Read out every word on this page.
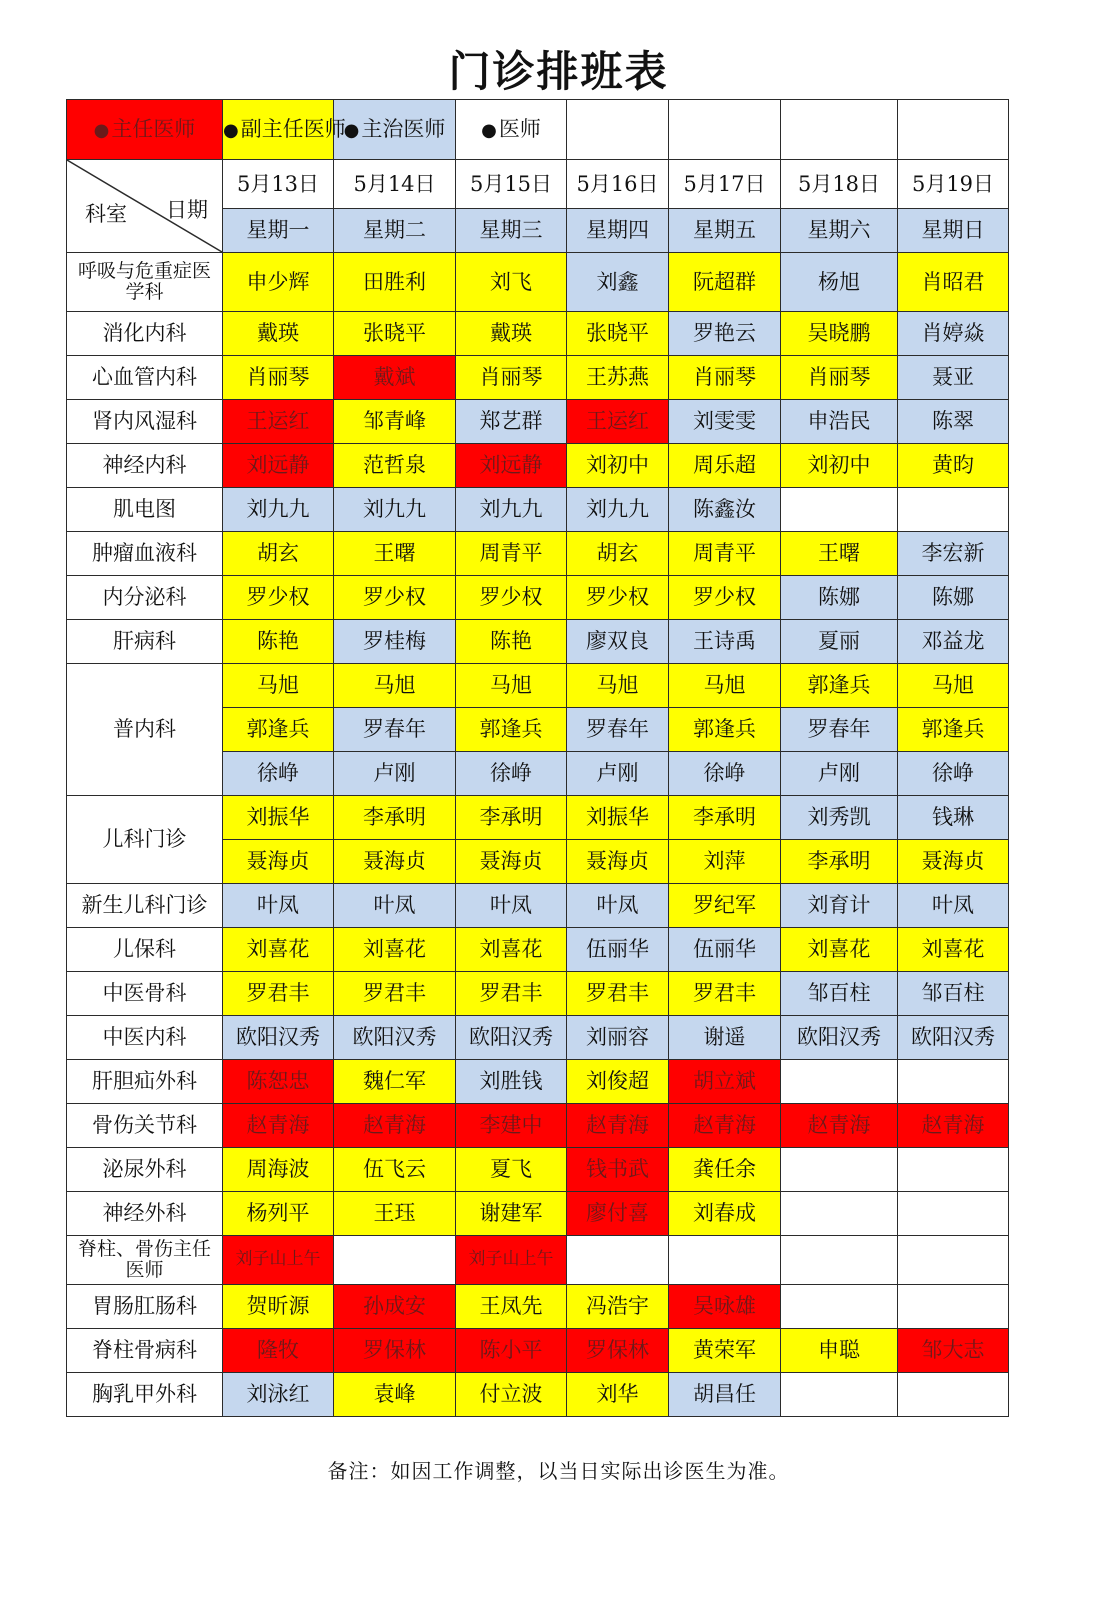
门诊排班表
●主任医师	●副主任医师	●主治医师	●医师				

科室 日期	5月13日	5月14日	5月15日	5月16日	5月17日	5月18日	5月19日
	星期一	星期二	星期三	星期四	星期五	星期六	星期日
呼吸与危重症医学科	申少辉	田胜利	刘飞	刘鑫	阮超群	杨旭	肖昭君
消化内科	戴瑛	张晓平	戴瑛	张晓平	罗艳云	吴晓鹏	肖婷焱
心血管内科	肖丽琴	戴斌	肖丽琴	王苏燕	肖丽琴	肖丽琴	聂亚
肾内风湿科	王运红	邹青峰	郑艺群	王运红	刘雯雯	申浩民	陈翠
神经内科	刘远静	范哲泉	刘远静	刘初中	周乐超	刘初中	黄昀
肌电图	刘九九	刘九九	刘九九	刘九九	陈鑫汝		
肿瘤血液科	胡玄	王曙	周青平	胡玄	周青平	王曙	李宏新
内分泌科	罗少权	罗少权	罗少权	罗少权	罗少权	陈娜	陈娜
肝病科	陈艳	罗桂梅	陈艳	廖双良	王诗禹	夏丽	邓益龙
普内科	马旭	马旭	马旭	马旭	马旭	郭逢兵	马旭
	郭逢兵	罗春年	郭逢兵	罗春年	郭逢兵	罗春年	郭逢兵
	徐峥	卢刚	徐峥	卢刚	徐峥	卢刚	徐峥
儿科门诊	刘振华	李承明	李承明	刘振华	李承明	刘秀凯	钱琳
	聂海贞	聂海贞	聂海贞	聂海贞	刘萍	李承明	聂海贞
新生儿科门诊	叶凤	叶凤	叶凤	叶凤	罗纪军	刘育计	叶凤
儿保科	刘喜花	刘喜花	刘喜花	伍丽华	伍丽华	刘喜花	刘喜花
中医骨科	罗君丰	罗君丰	罗君丰	罗君丰	罗君丰	邹百柱	邹百柱
中医内科	欧阳汉秀	欧阳汉秀	欧阳汉秀	刘丽容	谢遥	欧阳汉秀	欧阳汉秀
肝胆疝外科	陈恕忠	魏仁军	刘胜钱	刘俊超	胡立斌		
骨伤关节科	赵青海	赵青海	李建中	赵青海	赵青海	赵青海	赵青海
泌尿外科	周海波	伍飞云	夏飞	钱书武	龚任余		
神经外科	杨列平	王珏	谢建军	廖付喜	刘春成		
脊柱、骨伤主任医师	刘子山上午		刘子山上午				
胃肠肛肠科	贺昕源	孙成安	王凤先	冯浩宇	吴咏雄		
脊柱骨病科	隆牧	罗保林	陈小平	罗保林	黄荣军	申聪	邹大志
胸乳甲外科	刘泳红	袁峰	付立波	刘华	胡昌任		
备注：如因工作调整，以当日实际出诊医生为准。
